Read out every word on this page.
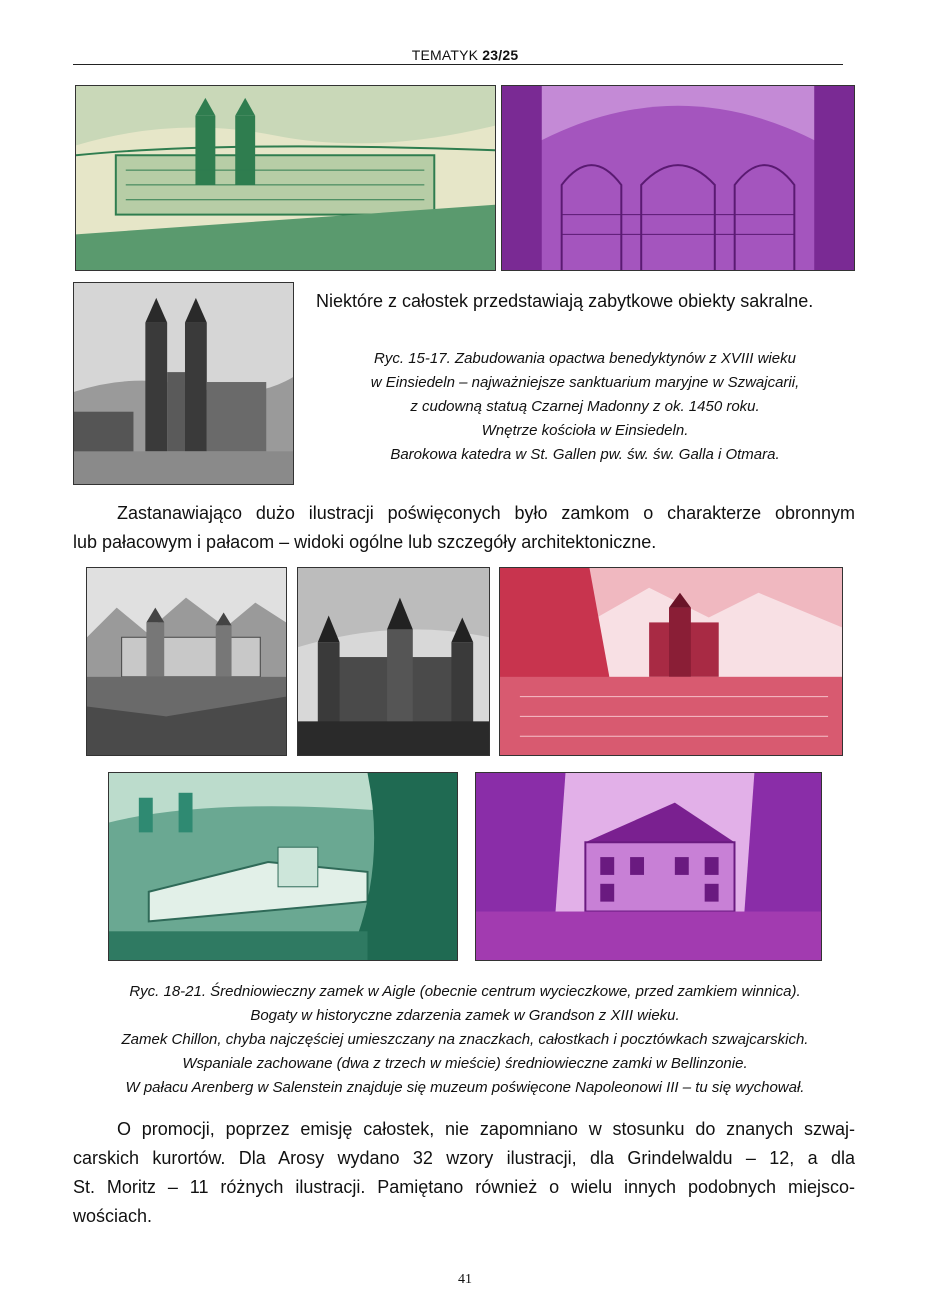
TEMATYK 23/25
Niektóre z całostek przedstawiają zabytkowe obiekty sakralne.
Ryc. 15-17. Zabudowania opactwa benedyktynów z XVIII wieku
w Einsiedeln – najważniejsze sanktuarium maryjne w Szwajcarii,
z cudowną statuą Czarnej Madonny z ok. 1450 roku.
Wnętrze kościoła w Einsiedeln.
Barokowa katedra w St. Gallen pw. św. św. Galla i Otmara.
Zastanawiająco dużo ilustracji poświęconych było zamkom o charakterze obronnym
lub pałacowym i pałacom – widoki ogólne lub szczegóły architektoniczne.
Ryc. 18-21. Średniowieczny zamek w Aigle (obecnie centrum wycieczkowe, przed zamkiem winnica).
Bogaty w historyczne zdarzenia zamek w Grandson z XIII wieku.
Zamek Chillon, chyba najczęściej umieszczany na znaczkach, całostkach i pocztówkach szwajcarskich.
Wspaniale zachowane (dwa z trzech w mieście) średniowieczne zamki w Bellinzonie.
W pałacu Arenberg w Salenstein znajduje się muzeum poświęcone Napoleonowi III – tu się wychował.
O promocji, poprzez emisję całostek, nie zapomniano w stosunku do znanych szwaj-
carskich kurortów. Dla Arosy wydano 32 wzory ilustracji, dla Grindelwaldu – 12, a dla
St. Moritz – 11 różnych ilustracji. Pamiętano również o wielu innych podobnych miejsco-
wościach.
41
